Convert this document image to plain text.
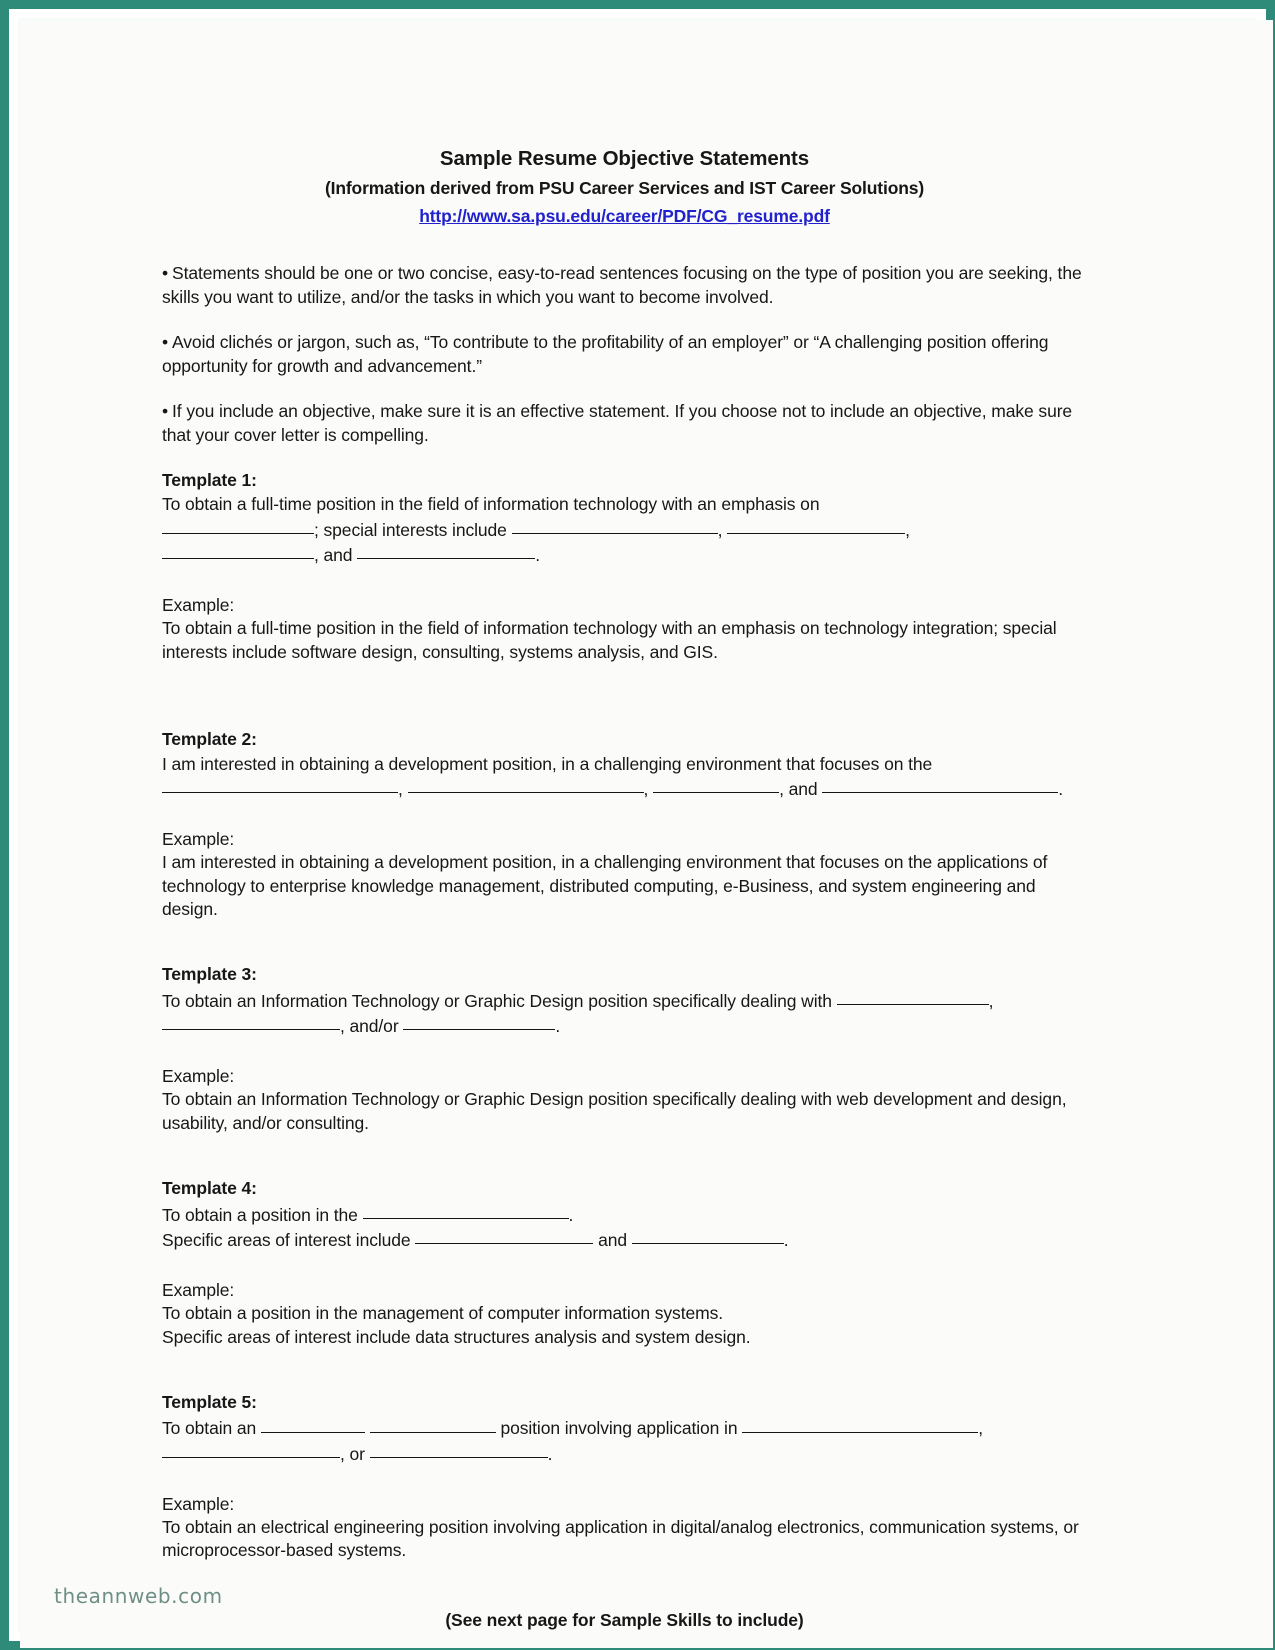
Sample Resume Objective Statements
(Information derived from PSU Career Services and IST Career Solutions)
http://www.sa.psu.edu/career/PDF/CG_resume.pdf

• Statements should be one or two concise, easy-to-read sentences focusing on the type of position you are seeking, the skills you want to utilize, and/or the tasks in which you want to become involved.

• Avoid clichés or jargon, such as, “To contribute to the profitability of an employer” or “A challenging position offering opportunity for growth and advancement.”

• If you include an objective, make sure it is an effective statement. If you choose not to include an objective, make sure that your cover letter is compelling.

Template 1:

To obtain a full-time position in the field of information technology with an emphasis on

; special interests include	,	,

, and	.

Example:

To obtain a full-time position in the field of information technology with an emphasis on technology integration; special interests include software design, consulting, systems analysis, and GIS.

Template 2:

I am interested in obtaining a development position, in a challenging environment that focuses on the

,	,	, and	.

Example:

I am interested in obtaining a development position, in a challenging environment that focuses on the applications of technology to enterprise knowledge management, distributed computing, e-Business, and system engineering and design.

Template 3:

To obtain an Information Technology or Graphic Design position specifically dealing with	,

, and/or	.

Example:

To obtain an Information Technology or Graphic Design position specifically dealing with web development and design, usability, and/or consulting.

Template 4:

To obtain a position in the	.

Specific areas of interest include	and	.

Example:

To obtain a position in the management of computer information systems.

Specific areas of interest include data structures analysis and system design.

Template 5:

To obtain an	position involving application in	,

, or	.

Example:

To obtain an electrical engineering position involving application in digital/analog electronics, communication systems, or microprocessor-based systems.

(See next page for Sample Skills to include)
theannweb.com
